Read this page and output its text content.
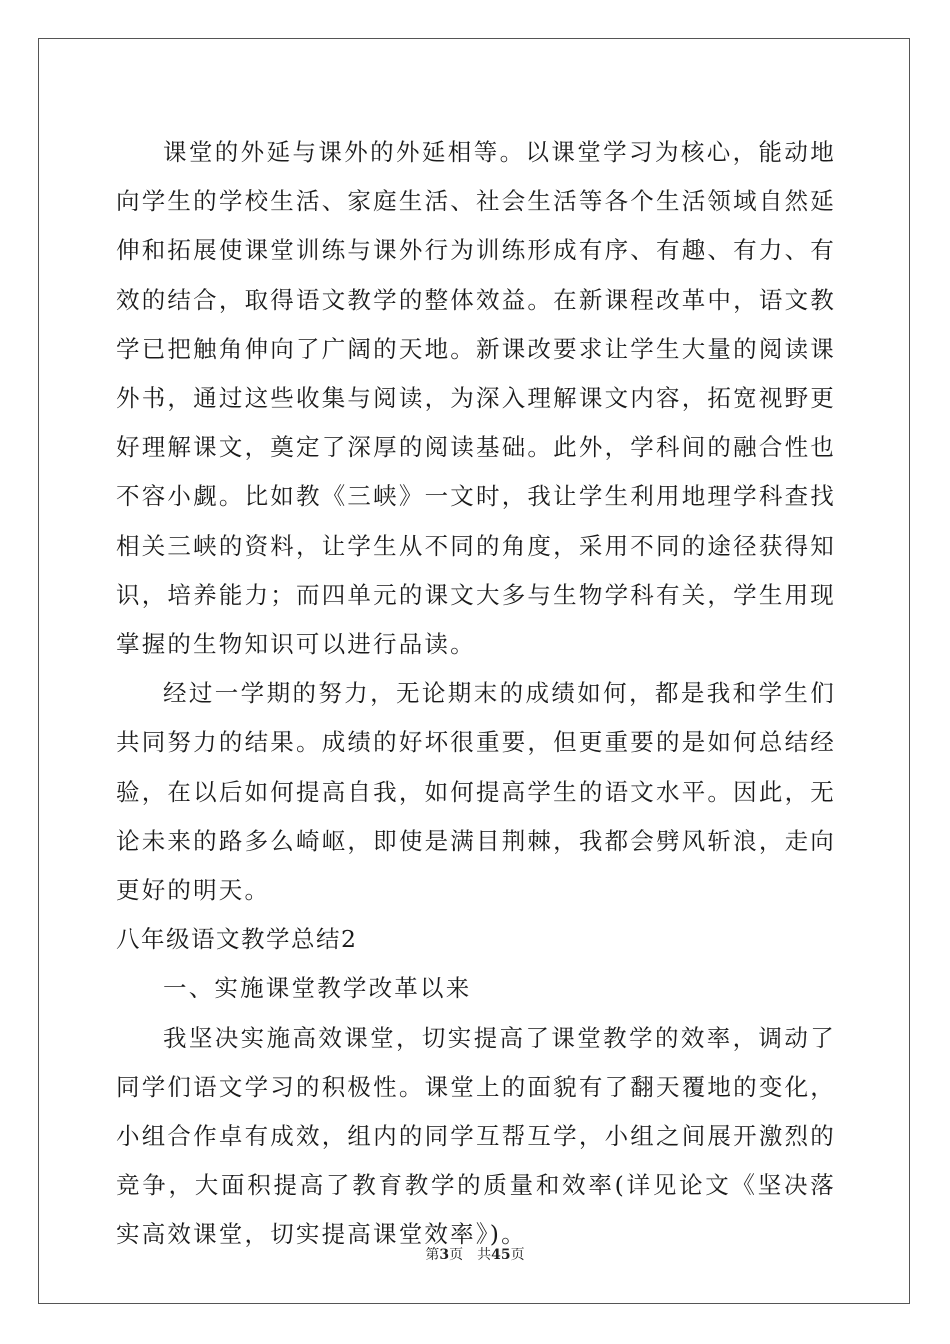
课堂的外延与课外的外延相等。以课堂学习为核心，能动地向学生的学校生活、家庭生活、社会生活等各个生活领域自然延伸和拓展使课堂训练与课外行为训练形成有序、有趣、有力、有效的结合，取得语文教学的整体效益。在新课程改革中，语文教学已把触角伸向了广阔的天地。新课改要求让学生大量的阅读课外书，通过这些收集与阅读，为深入理解课文内容，拓宽视野更好理解课文，奠定了深厚的阅读基础。此外，学科间的融合性也不容小觑。比如教《三峡》一文时，我让学生利用地理学科查找相关三峡的资料，让学生从不同的角度，采用不同的途径获得知识，培养能力；而四单元的课文大多与生物学科有关，学生用现掌握的生物知识可以进行品读。

经过一学期的努力，无论期末的成绩如何，都是我和学生们共同努力的结果。成绩的好坏很重要，但更重要的是如何总结经验，在以后如何提高自我，如何提高学生的语文水平。因此，无论未来的路多么崎岖，即使是满目荆棘，我都会劈风斩浪，走向更好的明天。

八年级语文教学总结2

一、实施课堂教学改革以来

我坚决实施高效课堂，切实提高了课堂教学的效率，调动了同学们语文学习的积极性。课堂上的面貌有了翻天覆地的变化，小组合作卓有成效，组内的同学互帮互学，小组之间展开激烈的竞争，大面积提高了教育教学的质量和效率(详见论文《坚决落实高效课堂，切实提高课堂效率》)。

第3页 共45页
